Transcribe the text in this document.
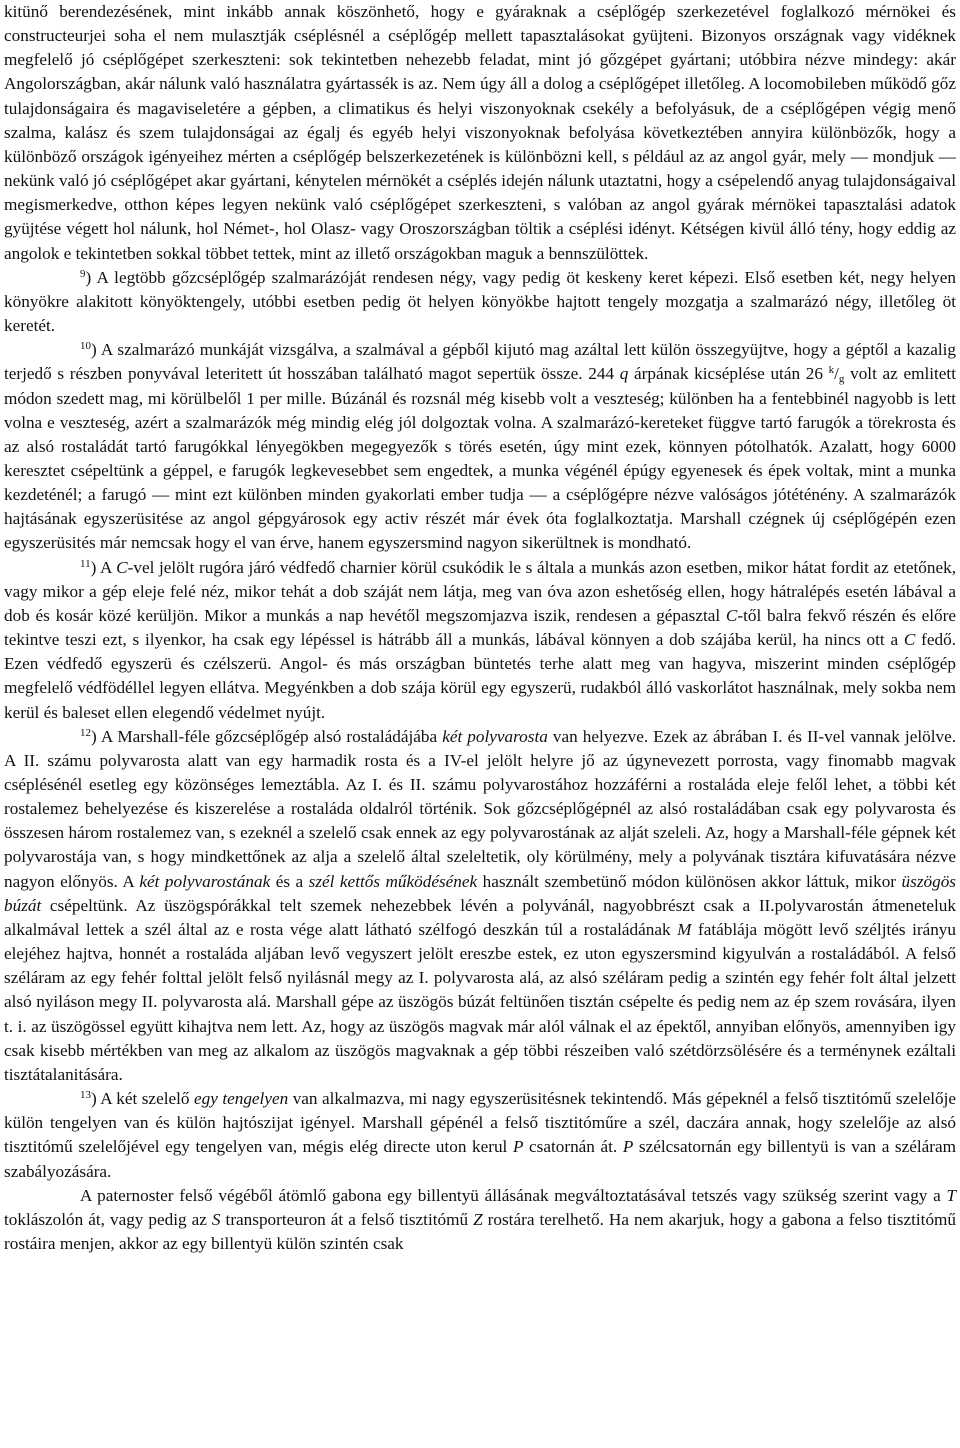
kitünő berendezésének, mint inkább annak köszönhető, hogy e gyáraknak a cséplőgép szerkezetével foglalkozó mérnökei és constructeurjei soha el nem mulasztják cséplésnél a cséplőgép mellett tapasztalásokat gyüjteni. Bizonyos országnak vagy vidéknek megfelelő jó cséplőgépet szerkeszteni: sok tekintetben nehezebb feladat, mint jó gőzgépet gyártani; utóbbira nézve mindegy: akár Angolországban, akár nálunk való használatra gyártassék is az. Nem úgy áll a dolog a cséplőgépet illetőleg. A locomobileben működő gőz tulajdonságaira és magaviseletére a gépben, a climatikus és helyi viszonyoknak csekély a befolyásuk, de a cséplőgépen végig menő szalma, kalász és szem tulajdonságai az égalj és egyéb helyi viszonyoknak befolyása következtében annyira különbözők, hogy a különböző országok igényeihez mérten a cséplőgép belszerkezetének is különbözni kell, s például az az angol gyár, mely — mondjuk — nekünk való jó cséplőgépet akar gyártani, kénytelen mérnökét a cséplés idején nálunk utaztatni, hogy a csépelendő anyag tulajdonságaival megismerkedve, otthon képes legyen nekünk való cséplőgépet szerkeszteni, s valóban az angol gyárak mérnökei tapasztalási adatok gyüjtése végett hol nálunk, hol Német-, hol Olasz- vagy Oroszországban töltik a cséplési idényt. Kétségen kivül álló tény, hogy eddig az angolok e tekintetben sokkal többet tettek, mint az illető országokban maguk a bennszülöttek.

$^9$) A legtöbb gőzcséplőgép szalmarázóját rendesen négy, vagy pedig öt keskeny keret képezi. Első esetben két, negy helyen könyökre alakitott könyöktengely, utóbbi esetben pedig öt helyen könyökbe hajtott tengely mozgatja a szalmarázó négy, illetőleg öt keretét.

$^{10}$) A szalmarázó munkáját vizsgálva, a szalmával a gépből kijutó mag azáltal lett külön összegyüjtve, hogy a géptől a kazalig terjedő s részben ponyvával leteritett út hosszában található magot sepertük össze. 244 q árpának kicséplése után 26 $^k/_g$ volt az emlitett módon szedett mag, mi körülbelől 1 per mille. Búzánál és rozsnál még kisebb volt a veszteség; különben ha a fentebbinél nagyobb is lett volna e veszteség, azért a szalmarázók még mindig elég jól dolgoztak volna. A szalmarázó-kereteket függve tartó farugók a törekrosta és az alsó rostaládát tartó farugókkal lényegökben megegyezők s törés esetén, úgy mint ezek, könnyen pótolhatók. Azalatt, hogy 6000 keresztet csépeltünk a géppel, e farugók legkevesebbet sem engedtek, a munka végénél épúgy egyenesek és épek voltak, mint a munka kezdeténél; a farugó — mint ezt különben minden gyakorlati ember tudja — a cséplőgépre nézve valóságos jótéténény. A szalmarázók hajtásának egyszerüsitése az angol gépgyárosok egy activ részét már évek óta foglalkoztatja. Marshall czégnek új cséplőgépén ezen egyszerüsités már nemcsak hogy el van érve, hanem egyszersmind nagyon sikerültnek is mondható.

$^{11}$) A C-vel jelölt rugóra járó védfedő charnier körül csukódik le s általa a munkás azon esetben, mikor hátat fordit az etetőnek, vagy mikor a gép eleje felé néz, mikor tehát a dob száját nem látja, meg van óva azon eshetőség ellen, hogy hátralépés esetén lábával a dob és kosár közé kerüljön. Mikor a munkás a nap hevétől megszomjazva iszik, rendesen a gépasztal C-től balra fekvő részén és előre tekintve teszi ezt, s ilyenkor, ha csak egy lépéssel is hátrább áll a munkás, lábával könnyen a dob szájába kerül, ha nincs ott a C fedő. Ezen védfedő egyszerü és czélszerü. Angol- és más országban büntetés terhe alatt meg van hagyva, miszerint minden cséplőgép megfelelő védfödéllel legyen ellátva. Megyénkben a dob szája körül egy egyszerü, rudakból álló vaskorlátot használnak, mely sokba nem kerül és baleset ellen elegendő védelmet nyújt.

$^{12}$) A Marshall-féle gőzcséplőgép alsó rostaládájába két polyvarosta van helyezve. Ezek az ábrában I. és II-vel vannak jelölve. A II. számu polyvarosta alatt van egy harmadik rosta és a IV-el jelölt helyre jő az úgynevezett porrosta, vagy finomabb magvak cséplésénél esetleg egy közönséges lemeztábla. Az I. és II. számu polyvarostához hozzáférni a rostaláda eleje felől lehet, a többi két rostalemez behelyezése és kiszerelése a rostaláda oldalról történik. Sok gőzcséplőgépnél az alsó rostaládában csak egy polyvarosta és összesen három rostalemez van, s ezeknél a szelelő csak ennek az egy polyvarostának az alját szeleli. Az, hogy a Marshall-féle gépnek két polyvarostája van, s hogy mindkettőnek az alja a szelelő által szeleltetik, oly körülmény, mely a polyvának tisztára kifuvatására nézve nagyon előnyös. A két polyvarostának és a szél kettős működésének használt szembetünő módon különösen akkor láttuk, mikor üszögös búzát csépeltünk. Az üszögspórákkal telt szemek nehezebbek lévén a polyvánál, nagyobbrészt csak a II.polyvarostán átmeneteluk alkalmával lettek a szél által az e rosta vége alatt látható szélfogó deszkán túl a rostaládának M fatáblája mögött levő széljtés irányu elejéhez hajtva, honnét a rostaláda aljában levő vegyszert jelölt ereszbe estek, ez uton egyszersmind kigyulván a rostaládából. A felső széláram az egy fehér folttal jelölt felső nyilásnál megy az I. polyvarosta alá, az alsó széláram pedig a szintén egy fehér folt által jelzett alsó nyiláson megy II. polyvarosta alá. Marshall gépe az üszögös búzát feltünően tisztán csépelte és pedig nem az ép szem rovására, ilyen t. i. az üszögössel együtt kihajtva nem lett. Az, hogy az üszögös magvak már alól válnak el az épektől, annyiban előnyös, amennyiben igy csak kisebb mértékben van meg az alkalom az üszögös magvaknak a gép többi részeiben való szétdörzsölésére és a terménynek ezáltali tisztátalanitására.

$^{13}$) A két szelelő egy tengelyen van alkalmazva, mi nagy egyszerüsitésnek tekintendő. Más gépeknél a felső tisztitómű szelelője külön tengelyen van és külön hajtószijat igényel. Marshall gépénél a felső tisztitóműre a szél, daczára annak, hogy szelelője az alsó tisztitómű szelelőjével egy tengelyen van, mégis elég directe uton kerul P csatornán át. P szélcsatornán egy billentyü is van a széláram szabályozására.

A paternoster felső végéből átömlő gabona egy billentyü állásának megváltoztatásával tetszés vagy szükség szerint vagy a T toklászolón át, vagy pedig az S transporteuron át a felső tisztitómű Z rostára terelhető. Ha nem akarjuk, hogy a gabona a felso tisztitómű rostáira menjen, akkor az egy billentyü külön szintén csak
